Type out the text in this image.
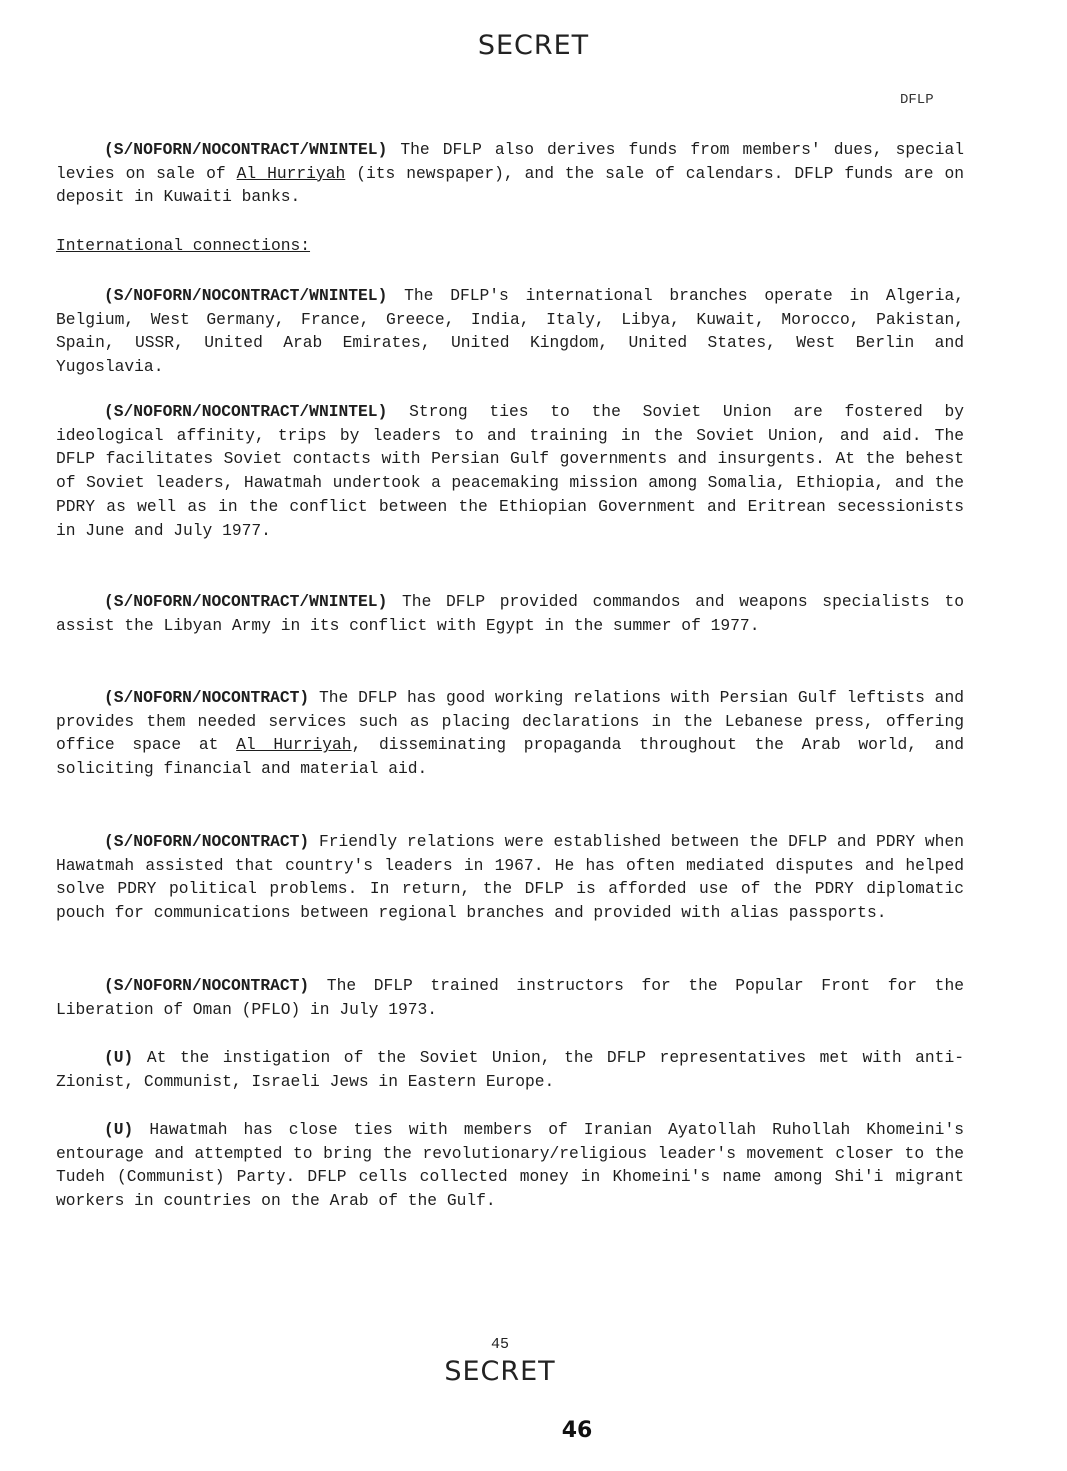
SECRET
DFLP

(S/NOFORN/NOCONTRACT/WNINTEL) The DFLP also derives funds from members' dues, special levies on sale of Al Hurriyah (its newspaper), and the sale of calendars. DFLP funds are on deposit in Kuwaiti banks.

International connections:

(S/NOFORN/NOCONTRACT/WNINTEL) The DFLP's international branches operate in Algeria, Belgium, West Germany, France, Greece, India, Italy, Libya, Kuwait, Morocco, Pakistan, Spain, USSR, United Arab Emirates, United Kingdom, United States, West Berlin and Yugoslavia.

(S/NOFORN/NOCONTRACT/WNINTEL) Strong ties to the Soviet Union are fostered by ideological affinity, trips by leaders to and training in the Soviet Union, and aid. The DFLP facilitates Soviet contacts with Persian Gulf governments and insurgents. At the behest of Soviet leaders, Hawatmah undertook a peacemaking mission among Somalia, Ethiopia, and the PDRY as well as in the conflict between the Ethiopian Government and Eritrean secessionists in June and July 1977.

(S/NOFORN/NOCONTRACT/WNINTEL) The DFLP provided commandos and weapons specialists to assist the Libyan Army in its conflict with Egypt in the summer of 1977.

(S/NOFORN/NOCONTRACT) The DFLP has good working relations with Persian Gulf leftists and provides them needed services such as placing declarations in the Lebanese press, offering office space at Al Hurriyah, disseminating propaganda throughout the Arab world, and soliciting financial and material aid.

(S/NOFORN/NOCONTRACT) Friendly relations were established between the DFLP and PDRY when Hawatmah assisted that country's leaders in 1967. He has often mediated disputes and helped solve PDRY political problems. In return, the DFLP is afforded use of the PDRY diplomatic pouch for communications between regional branches and provided with alias passports.

(S/NOFORN/NOCONTRACT) The DFLP trained instructors for the Popular Front for the Liberation of Oman (PFLO) in July 1973.

(U) At the instigation of the Soviet Union, the DFLP representatives met with anti-Zionist, Communist, Israeli Jews in Eastern Europe.

(U) Hawatmah has close ties with members of Iranian Ayatollah Ruhollah Khomeini's entourage and attempted to bring the revolutionary/religious leader's movement closer to the Tudeh (Communist) Party. DFLP cells collected money in Khomeini's name among Shi'i migrant workers in countries on the Arab of the Gulf.

45
SECRET
46
